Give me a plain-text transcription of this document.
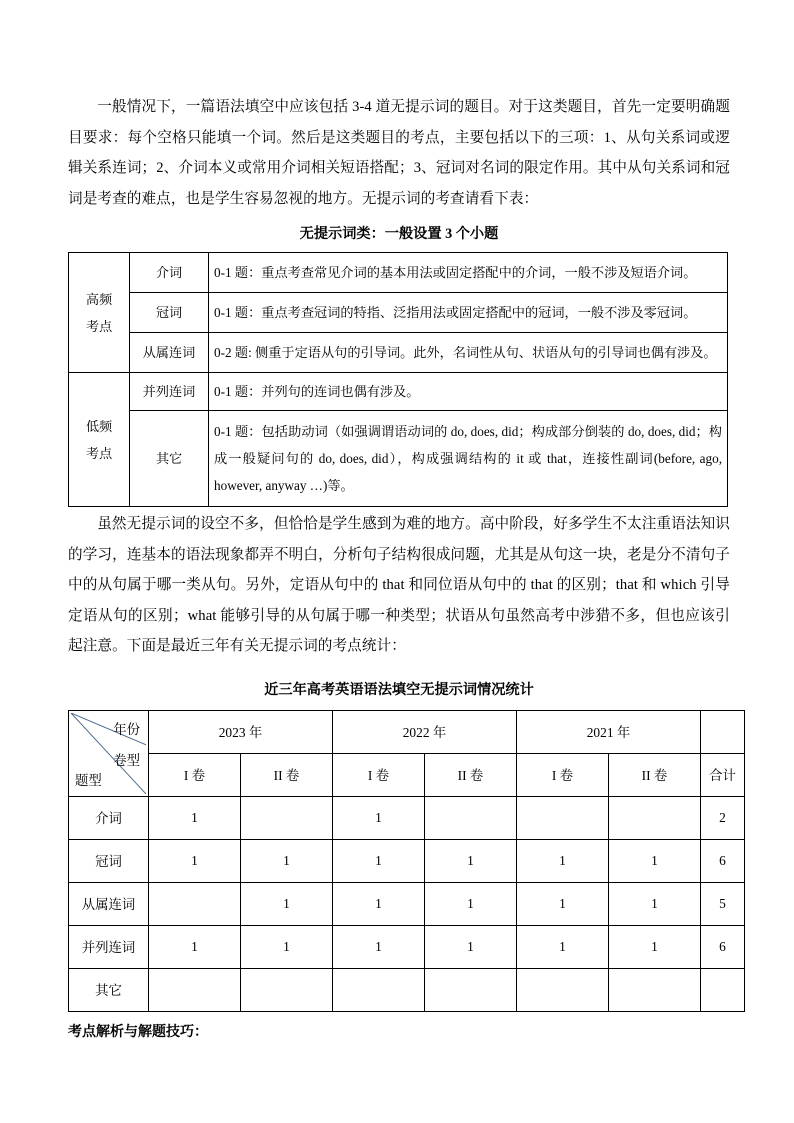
一般情况下，一篇语法填空中应该包括 3-4 道无提示词的题目。对于这类题目，首先一定要明确题目要求：每个空格只能填一个词。然后是这类题目的考点，主要包括以下的三项：1、从句关系词或逻辑关系连词；2、介词本义或常用介词相关短语搭配；3、冠词对名词的限定作用。其中从句关系词和冠词是考查的难点，也是学生容易忽视的地方。无提示词的考查请看下表：

无提示词类：一般设置 3 个小题
高频
考点	介词	0-1 题：重点考查常见介词的基本用法或固定搭配中的介词，一般不涉及短语介词。
	冠词	0-1 题：重点考查冠词的特指、泛指用法或固定搭配中的冠词，一般不涉及零冠词。
	从属连词	0-2 题: 侧重于定语从句的引导词。此外，名词性从句、状语从句的引导词也偶有涉及。

低频
考点	并列连词	0-1 题：并列句的连词也偶有涉及。
	其它	0-1 题：包括助动词（如强调谓语动词的 do, does, did；构成部分倒装的 do, does, did；构成一般疑问句的 do, does, did），构成强调结构的 it 或 that，连接性副词(before, ago, however, anyway …)等。

虽然无提示词的设空不多，但恰恰是学生感到为难的地方。高中阶段，好多学生不太注重语法知识的学习，连基本的语法现象都弄不明白，分析句子结构很成问题，尤其是从句这一块，老是分不清句子中的从句属于哪一类从句。另外，定语从句中的 that 和同位语从句中的 that 的区别；that 和 which 引导定语从句的区别；what 能够引导的从句属于哪一种类型；状语从句虽然高考中涉猎不多，但也应该引起注意。下面是最近三年有关无提示词的考点统计：

近三年高考英语语法填空无提示词情况统计
年份
卷型
题型	2023 年		2022 年		2021 年		
	I 卷	II 卷	I 卷	II 卷	I 卷	II 卷	合计
介词	1		1				2
冠词	1	1	1	1	1	1	6
从属连词		1	1	1	1	1	5
并列连词	1	1	1	1	1	1	6
其它							
考点解析与解题技巧：
